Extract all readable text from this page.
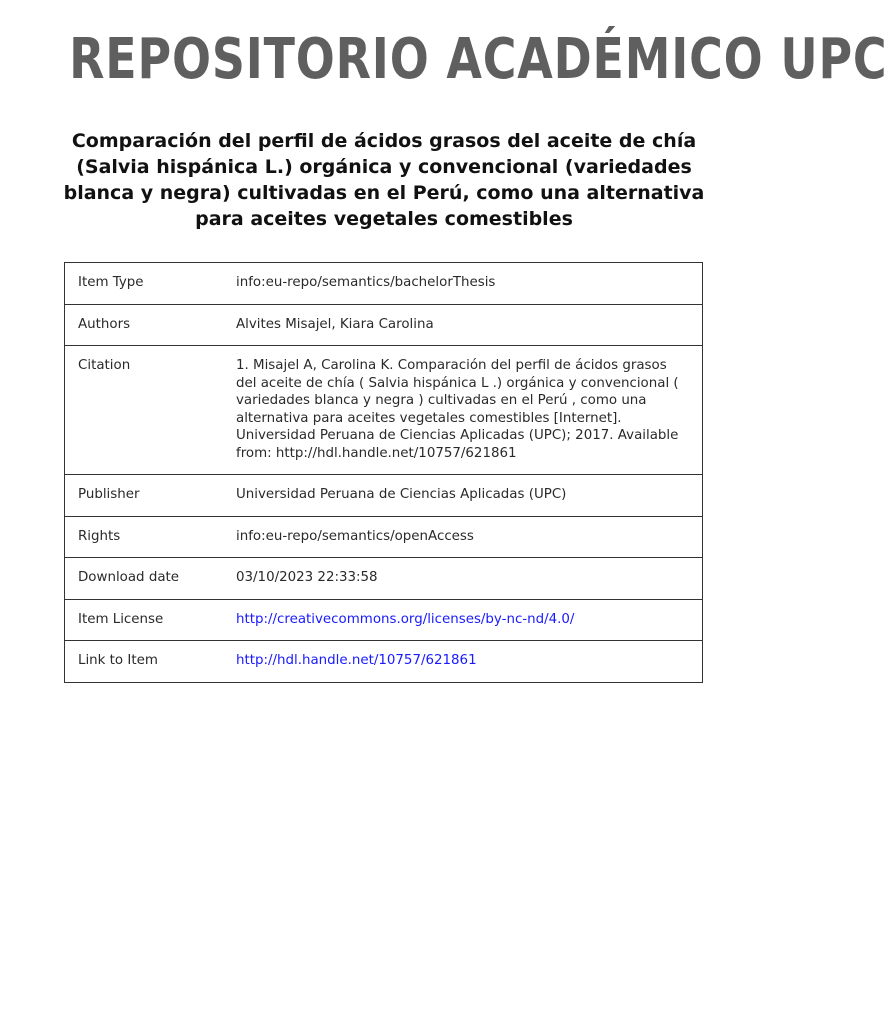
REPOSITORIO ACADÉMICO UPC
Comparación del perfil de ácidos grasos del aceite de chía (Salvia hispánica L.) orgánica y convencional (variedades blanca y negra) cultivadas en el Perú, como una alternativa para aceites vegetales comestibles
Item Type	info:eu-repo/semantics/bachelorThesis
Authors	Alvites Misajel, Kiara Carolina
Citation	1. Misajel A, Carolina K. Comparación del perfil de ácidos grasos del aceite de chía ( Salvia hispánica L .) orgánica y convencional ( variedades blanca y negra ) cultivadas en el Perú , como una alternativa para aceites vegetales comestibles [Internet]. Universidad Peruana de Ciencias Aplicadas (UPC); 2017. Available from: http://hdl.handle.net/10757/621861
Publisher	Universidad Peruana de Ciencias Aplicadas (UPC)
Rights	info:eu-repo/semantics/openAccess
Download date	03/10/2023 22:33:58
Item License	http://creativecommons.org/licenses/by-nc-nd/4.0/
Link to Item	http://hdl.handle.net/10757/621861
